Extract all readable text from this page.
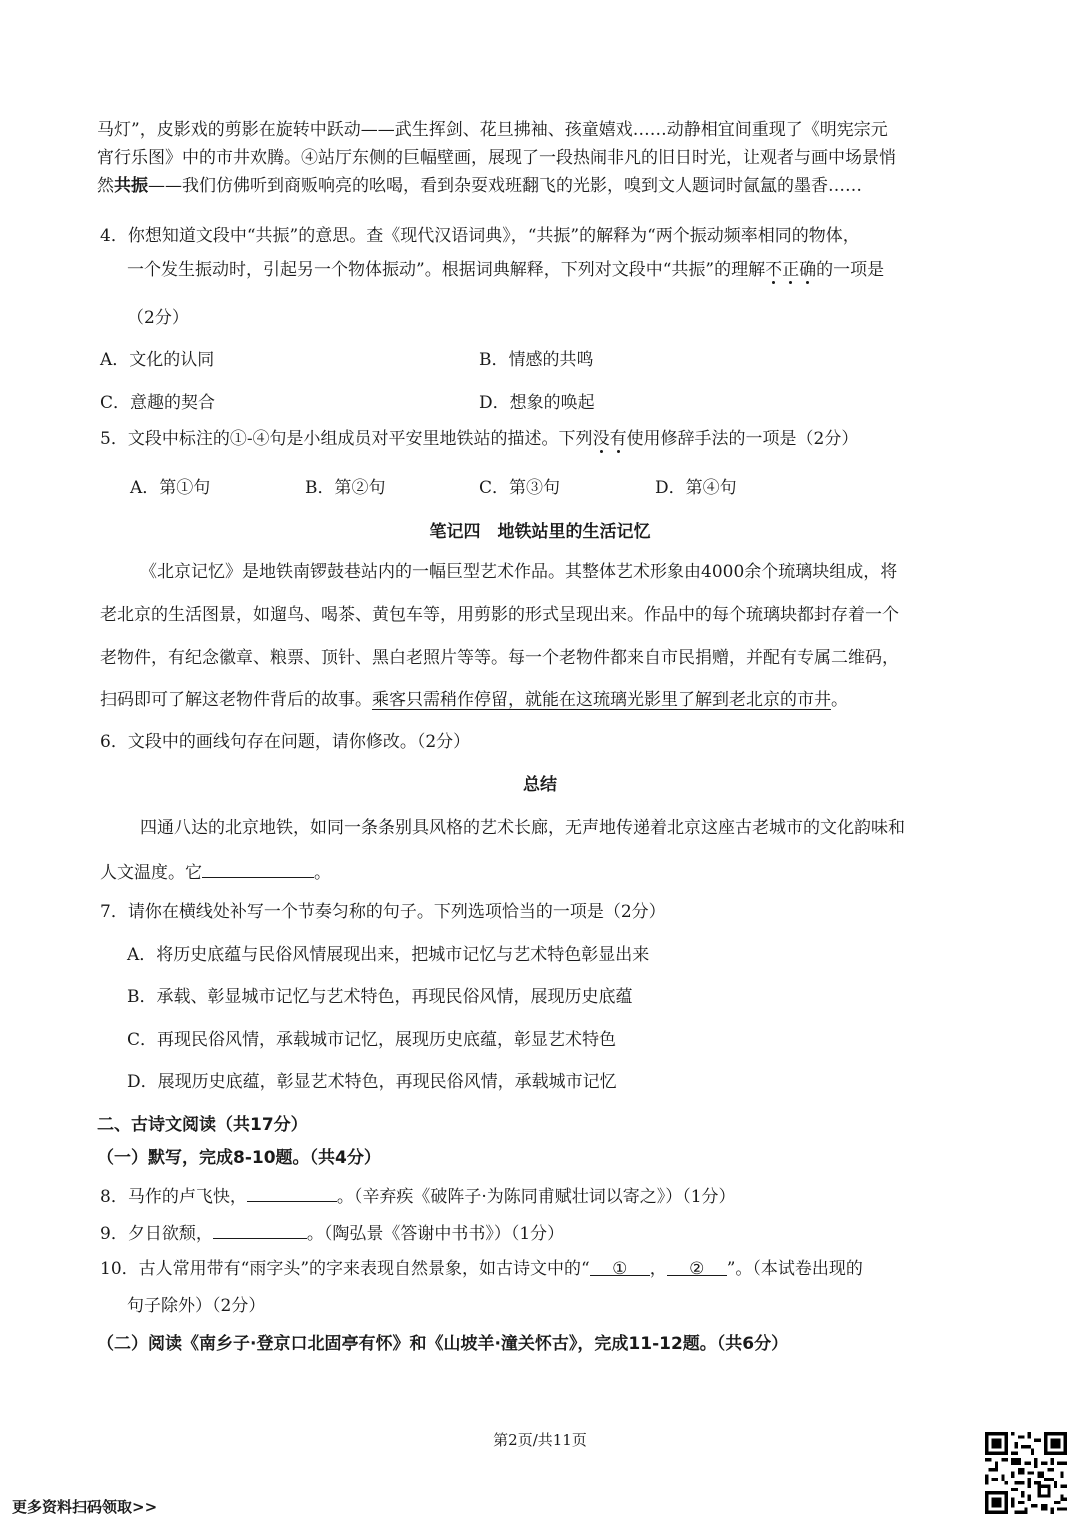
马灯”，皮影戏的剪影在旋转中跃动——武生挥剑、花旦拂袖、孩童嬉戏……动静相宜间重现了《明宪宗元
宵行乐图》中的市井欢腾。④站厅东侧的巨幅壁画，展现了一段热闹非凡的旧日时光，让观者与画中场景悄
然共振——我们仿佛听到商贩响亮的吆喝，看到杂耍戏班翻飞的光影，嗅到文人题词时氤氲的墨香……
4．你想知道文段中“共振”的意思。查《现代汉语词典》，“共振”的解释为“两个振动频率相同的物体，
一个发生振动时，引起另一个物体振动”。根据词典解释，下列对文段中“共振”的理解不正确的一项是
（2分）
A．文化的认同	B．情感的共鸣
C．意趣的契合	D．想象的唤起
5．文段中标注的①-④句是小组成员对平安里地铁站的描述。下列没有使用修辞手法的一项是（2分）
A．第①句	B．第②句	C．第③句	D．第④句
笔记四　地铁站里的生活记忆
《北京记忆》是地铁南锣鼓巷站内的一幅巨型艺术作品。其整体艺术形象由4000余个琉璃块组成，将
老北京的生活图景，如遛鸟、喝茶、黄包车等，用剪影的形式呈现出来。作品中的每个琉璃块都封存着一个
老物件，有纪念徽章、粮票、顶针、黑白老照片等等。每一个老物件都来自市民捐赠，并配有专属二维码，
扫码即可了解这老物件背后的故事。乘客只需稍作停留，就能在这琉璃光影里了解到老北京的市井。
6．文段中的画线句存在问题，请你修改。（2分）
总结
四通八达的北京地铁，如同一条条别具风格的艺术长廊，无声地传递着北京这座古老城市的文化韵味和
人文温度。它	。
7．请你在横线处补写一个节奏匀称的句子。下列选项恰当的一项是（2分）
A．将历史底蕴与民俗风情展现出来，把城市记忆与艺术特色彰显出来
B．承载、彰显城市记忆与艺术特色，再现民俗风情，展现历史底蕴
C．再现民俗风情，承载城市记忆，展现历史底蕴，彰显艺术特色
D．展现历史底蕴，彰显艺术特色，再现民俗风情，承载城市记忆
二、古诗文阅读（共17分）
（一）默写，完成8-10题。（共4分）
8．马作的卢飞快，	。（辛弃疾《破阵子·为陈同甫赋壮词以寄之》）（1分）
9．夕日欲颓，	。（陶弘景《答谢中书书》）（1分）
10．古人常用带有“雨字头”的字来表现自然景象，如古诗文中的“ ① ， ② ”。（本试卷出现的
句子除外）（2分）
（二）阅读《南乡子·登京口北固亭有怀》和《山坡羊·潼关怀古》，完成11-12题。（共6分）
第2页/共11页
更多资料扫码领取>>
